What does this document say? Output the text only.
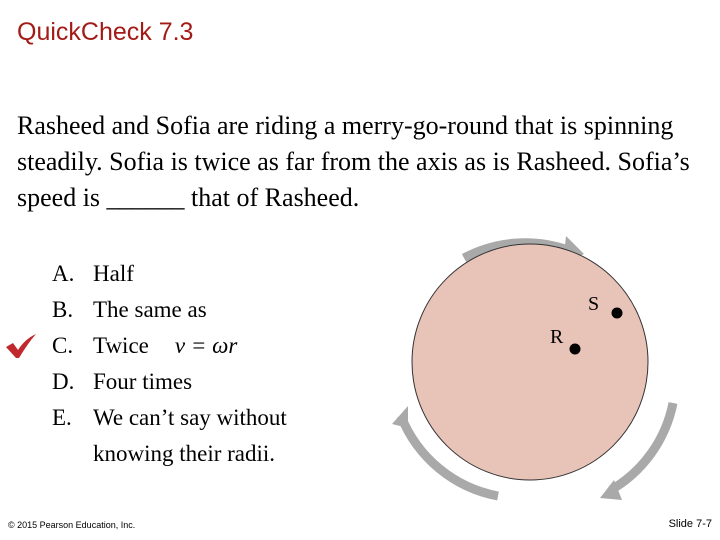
QuickCheck 7.3
Rasheed and Sofia are riding a merry-go-round that is spinning steadily. Sofia is twice as far from the axis as is Rasheed. Sofia’s speed is ______ that of Rasheed.
A. Half
B. The same as
C. Twice v = ωr
D. Four times
E. We can’t say without
knowing their radii.
S
R
© 2015 Pearson Education, Inc.	Slide 7-7
